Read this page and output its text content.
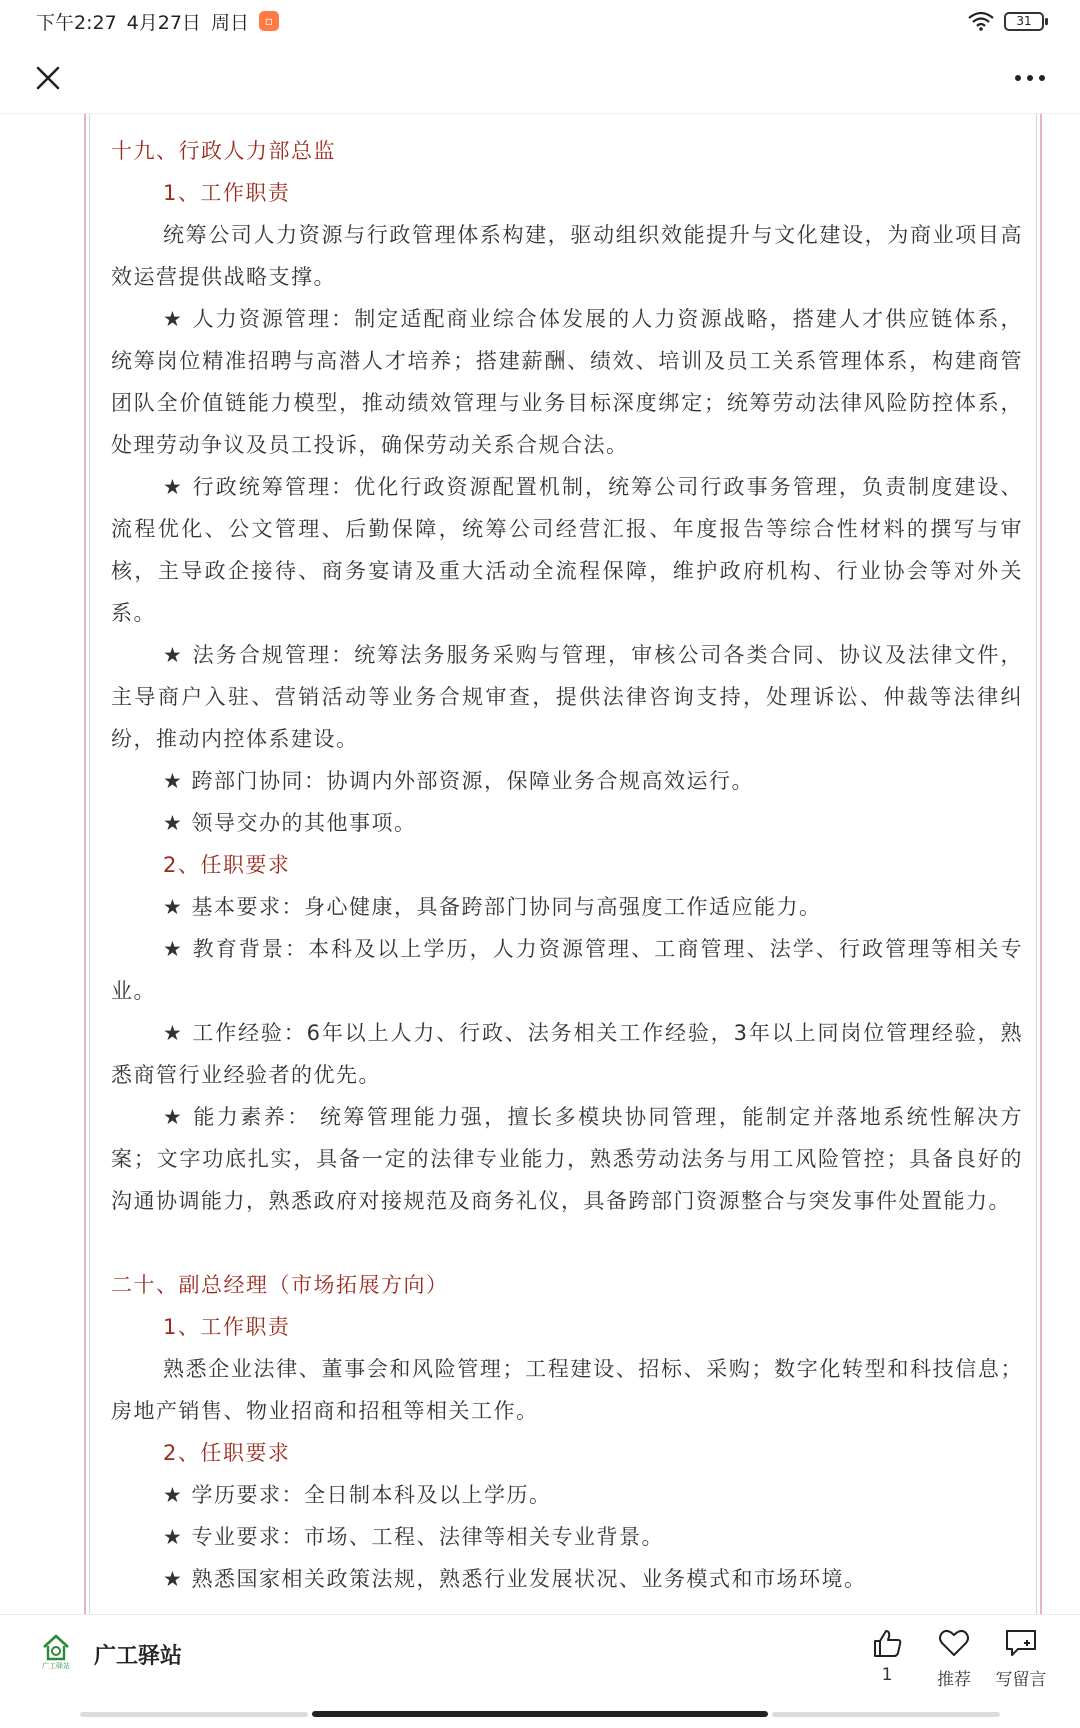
下午2:27 4月27日 周日	▫	31

十九、行政人力部总监

1、工作职责

统筹公司人力资源与行政管理体系构建，驱动组织效能提升与文化建设，为商业项目高效运营提供战略支撑。

★ 人力资源管理：制定适配商业综合体发展的人力资源战略，搭建人才供应链体系，统筹岗位精准招聘与高潜人才培养；搭建薪酬、绩效、培训及员工关系管理体系，构建商管团队全价值链能力模型，推动绩效管理与业务目标深度绑定；统筹劳动法律风险防控体系，处理劳动争议及员工投诉，确保劳动关系合规合法。

★ 行政统筹管理：优化行政资源配置机制，统筹公司行政事务管理，负责制度建设、流程优化、公文管理、后勤保障，统筹公司经营汇报、年度报告等综合性材料的撰写与审核，主导政企接待、商务宴请及重大活动全流程保障，维护政府机构、行业协会等对外关系。

★ 法务合规管理：统筹法务服务采购与管理，审核公司各类合同、协议及法律文件，主导商户入驻、营销活动等业务合规审查，提供法律咨询支持，处理诉讼、仲裁等法律纠纷，推动内控体系建设。

★ 跨部门协同：协调内外部资源，保障业务合规高效运行。

★ 领导交办的其他事项。

2、任职要求

★ 基本要求：身心健康，具备跨部门协同与高强度工作适应能力。

★ 教育背景：本科及以上学历，人力资源管理、工商管理、法学、行政管理等相关专业。

★ 工作经验：6年以上人力、行政、法务相关工作经验，3年以上同岗位管理经验，熟悉商管行业经验者的优先。

★ 能力素养： 统筹管理能力强，擅长多模块协同管理，能制定并落地系统性解决方案；文字功底扎实，具备一定的法律专业能力，熟悉劳动法务与用工风险管控；具备良好的沟通协调能力，熟悉政府对接规范及商务礼仪，具备跨部门资源整合与突发事件处置能力。

二十、副总经理（市场拓展方向）

1、工作职责

熟悉企业法律、董事会和风险管理；工程建设、招标、采购；数字化转型和科技信息；房地产销售、物业招商和招租等相关工作。

2、任职要求

★ 学历要求：全日制本科及以上学历。

★ 专业要求：市场、工程、法律等相关专业背景。

★ 熟悉国家相关政策法规，熟悉行业发展状况、业务模式和市场环境。

广工驿站 广工驿站
1	推荐 写留言
